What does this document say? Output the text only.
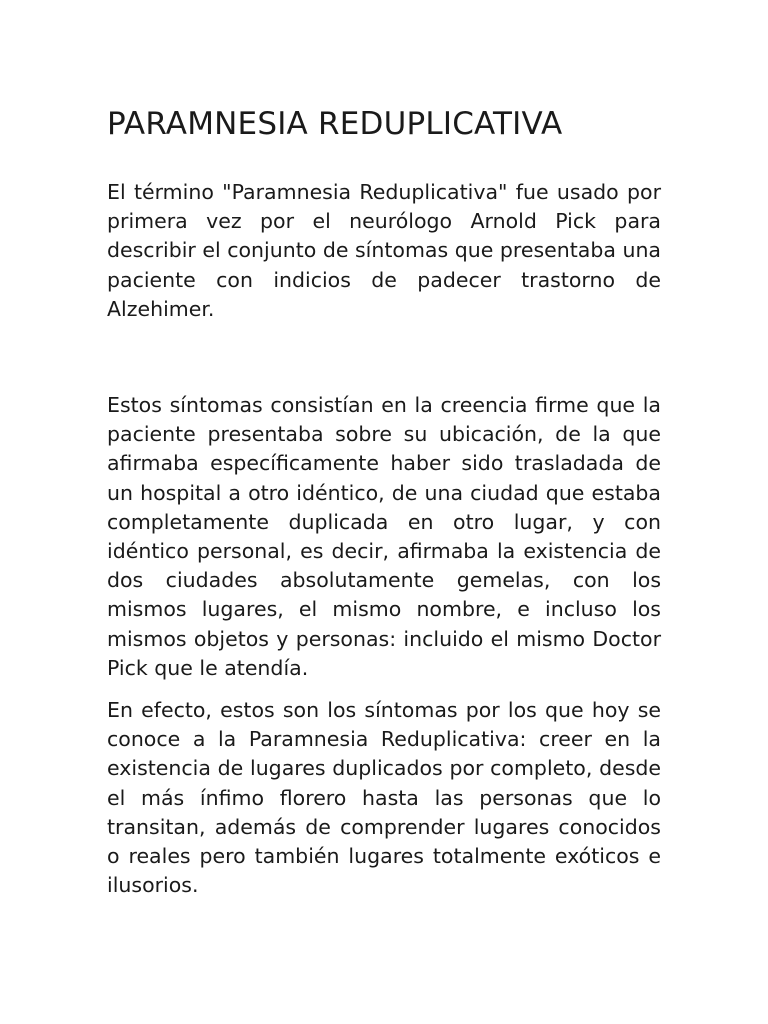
PARAMNESIA REDUPLICATIVA

El término "Paramnesia Reduplicativa" fue usado por primera vez por el neurólogo Arnold Pick para describir el conjunto de síntomas que presentaba una paciente con indicios de padecer trastorno de Alzehimer.

Estos síntomas consistían en la creencia firme que la paciente presentaba sobre su ubicación, de la que afirmaba específicamente haber sido trasladada de un hospital a otro idéntico, de una ciudad que estaba completamente duplicada en otro lugar, y con idéntico personal, es decir, afirmaba la existencia de dos ciudades absolutamente gemelas, con los mismos lugares, el mismo nombre, e incluso los mismos objetos y personas: incluido el mismo Doctor Pick que le atendía.

En efecto, estos son los síntomas por los que hoy se conoce a la Paramnesia Reduplicativa: creer en la existencia de lugares duplicados por completo, desde el más ínfimo florero hasta las personas que lo transitan, además de comprender lugares conocidos o reales pero también lugares totalmente exóticos e ilusorios.
